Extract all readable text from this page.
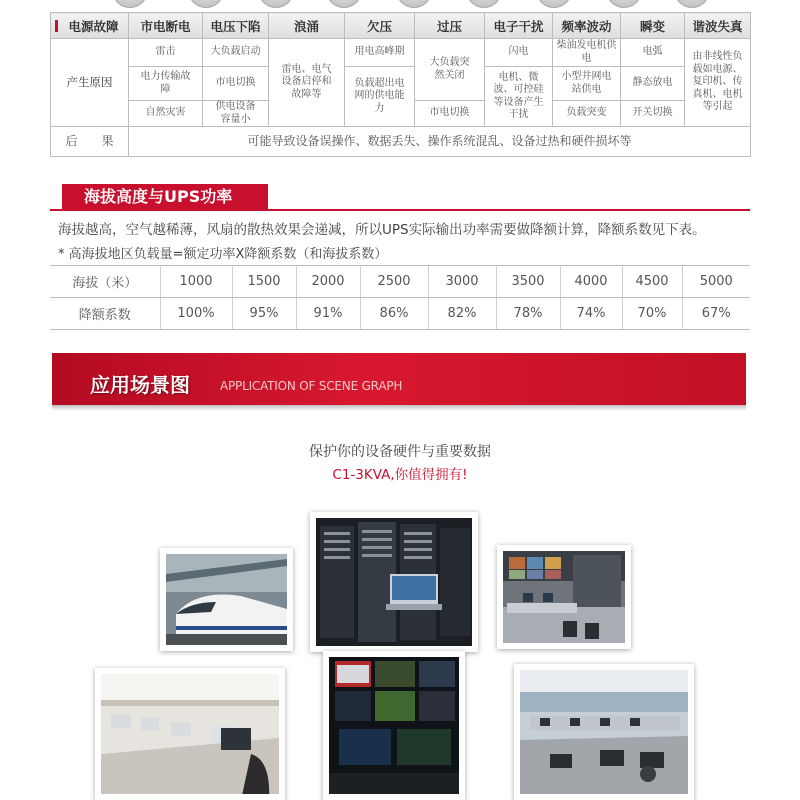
电源故障	市电断电	电压下陷	浪涌	欠压	过压	电子干扰	频率波动	瞬变	谐波失真
产生原因	雷击	大负载启动	雷电、电气设备启停和故障等	用电高峰期	大负载突然关闭	闪电	柴油发电机供电	电弧	由非线性负载如电源、复印机、传真机、电机等引起
	电力传输故障	市电切换		负载超出电网的供电能力		电机、微波、可控硅等设备产生干扰	小型井网电站供电	静态放电	
	自然灾害	供电设备容量小			市电切换		负载突变	开关切换	
后　　果	可能导致设备误操作、数据丢失、操作系统混乱、设备过热和硬件损坏等								
海拔高度与UPS功率
海拔越高，空气越稀薄，风扇的散热效果会递减，所以UPS实际输出功率需要做降额计算，降额系数见下表。
* 高海拔地区负载量=额定功率X降额系数（和海拔系数）
海拔（米）	1000	1500	2000	2500	3000	3500	4000	4500	5000
降额系数	100%	95%	91%	86%	82%	78%	74%	70%	67%
应用场景图	APPLICATION OF SCENE GRAPH
保护你的设备硬件与重要数据
C1-3KVA,你值得拥有!
